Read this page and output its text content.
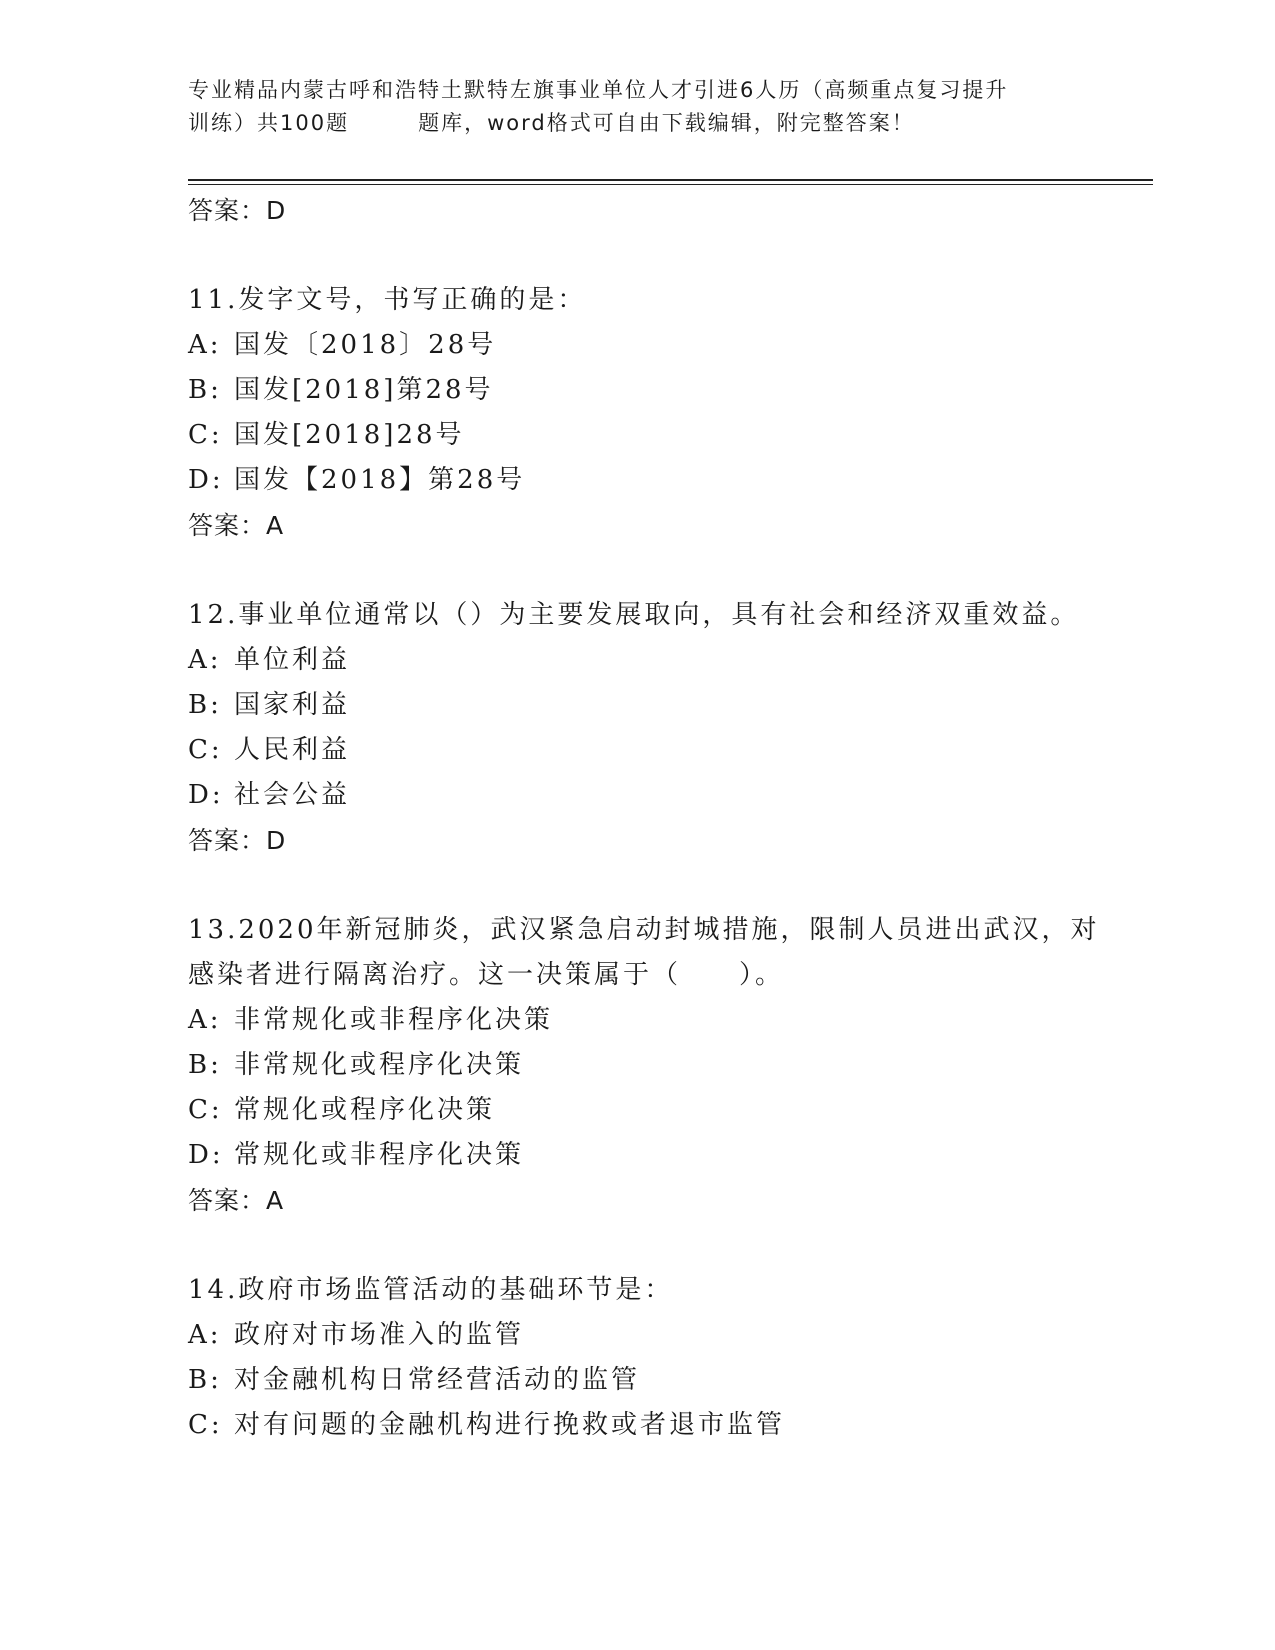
专业精品内蒙古呼和浩特土默特左旗事业单位人才引进6人历（高频重点复习提升
训练）共100题　　　题库，word格式可自由下载编辑，附完整答案！
答案：D
11.发字文号，书写正确的是：
A: 国发〔2018〕28号
B: 国发[2018]第28号
C: 国发[2018]28号
D: 国发【2018】第28号
答案：A
12.事业单位通常以（）为主要发展取向，具有社会和经济双重效益。
A: 单位利益
B: 国家利益
C: 人民利益
D: 社会公益
答案：D
13.2020年新冠肺炎，武汉紧急启动封城措施，限制人员进出武汉，对感染者进行隔离治疗。这一决策属于（　　）。
A: 非常规化或非程序化决策
B: 非常规化或程序化决策
C: 常规化或程序化决策
D: 常规化或非程序化决策
答案：A
14.政府市场监管活动的基础环节是：
A: 政府对市场准入的监管
B: 对金融机构日常经营活动的监管
C: 对有问题的金融机构进行挽救或者退市监管
